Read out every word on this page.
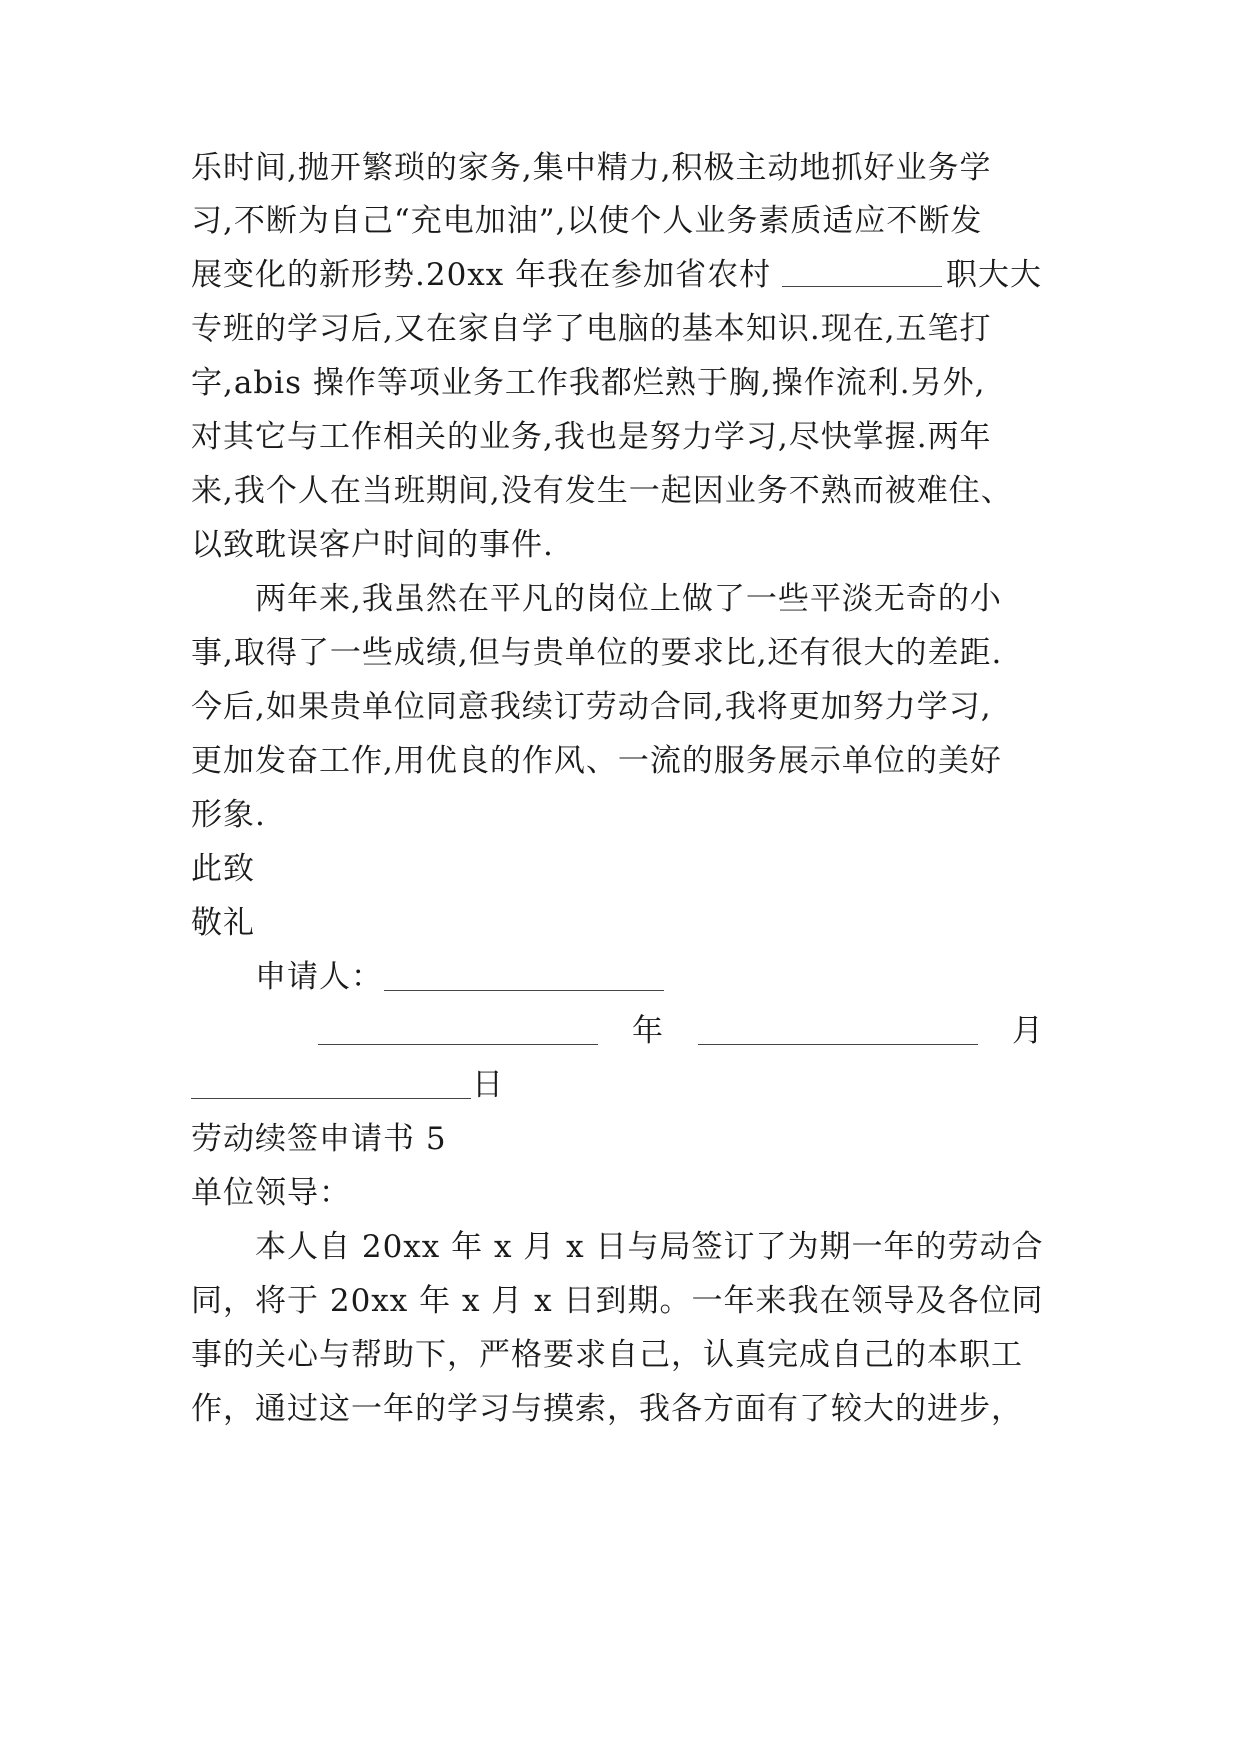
乐时间,抛开繁琐的家务,集中精力,积极主动地抓好业务学
习,不断为自己“充电加油”,以使个人业务素质适应不断发
展变化的新形势.20xx 年我在参加省农村	职大大
专班的学习后,又在家自学了电脑的基本知识.现在,五笔打
字,abis 操作等项业务工作我都烂熟于胸,操作流利.另外,
对其它与工作相关的业务,我也是努力学习,尽快掌握.两年
来,我个人在当班期间,没有发生一起因业务不熟而被难住、
以致耽误客户时间的事件.
两年来,我虽然在平凡的岗位上做了一些平淡无奇的小
事,取得了一些成绩,但与贵单位的要求比,还有很大的差距.
今后,如果贵单位同意我续订劳动合同,我将更加努力学习,
更加发奋工作,用优良的作风、一流的服务展示单位的美好
形象.
此致
敬礼
申请人：
年	月
日
劳动续签申请书 5
单位领导：
本人自 20xx 年 x 月 x 日与局签订了为期一年的劳动合
同，将于 20xx 年 x 月 x 日到期。一年来我在领导及各位同
事的关心与帮助下，严格要求自己，认真完成自己的本职工
作，通过这一年的学习与摸索，我各方面有了较大的进步，
